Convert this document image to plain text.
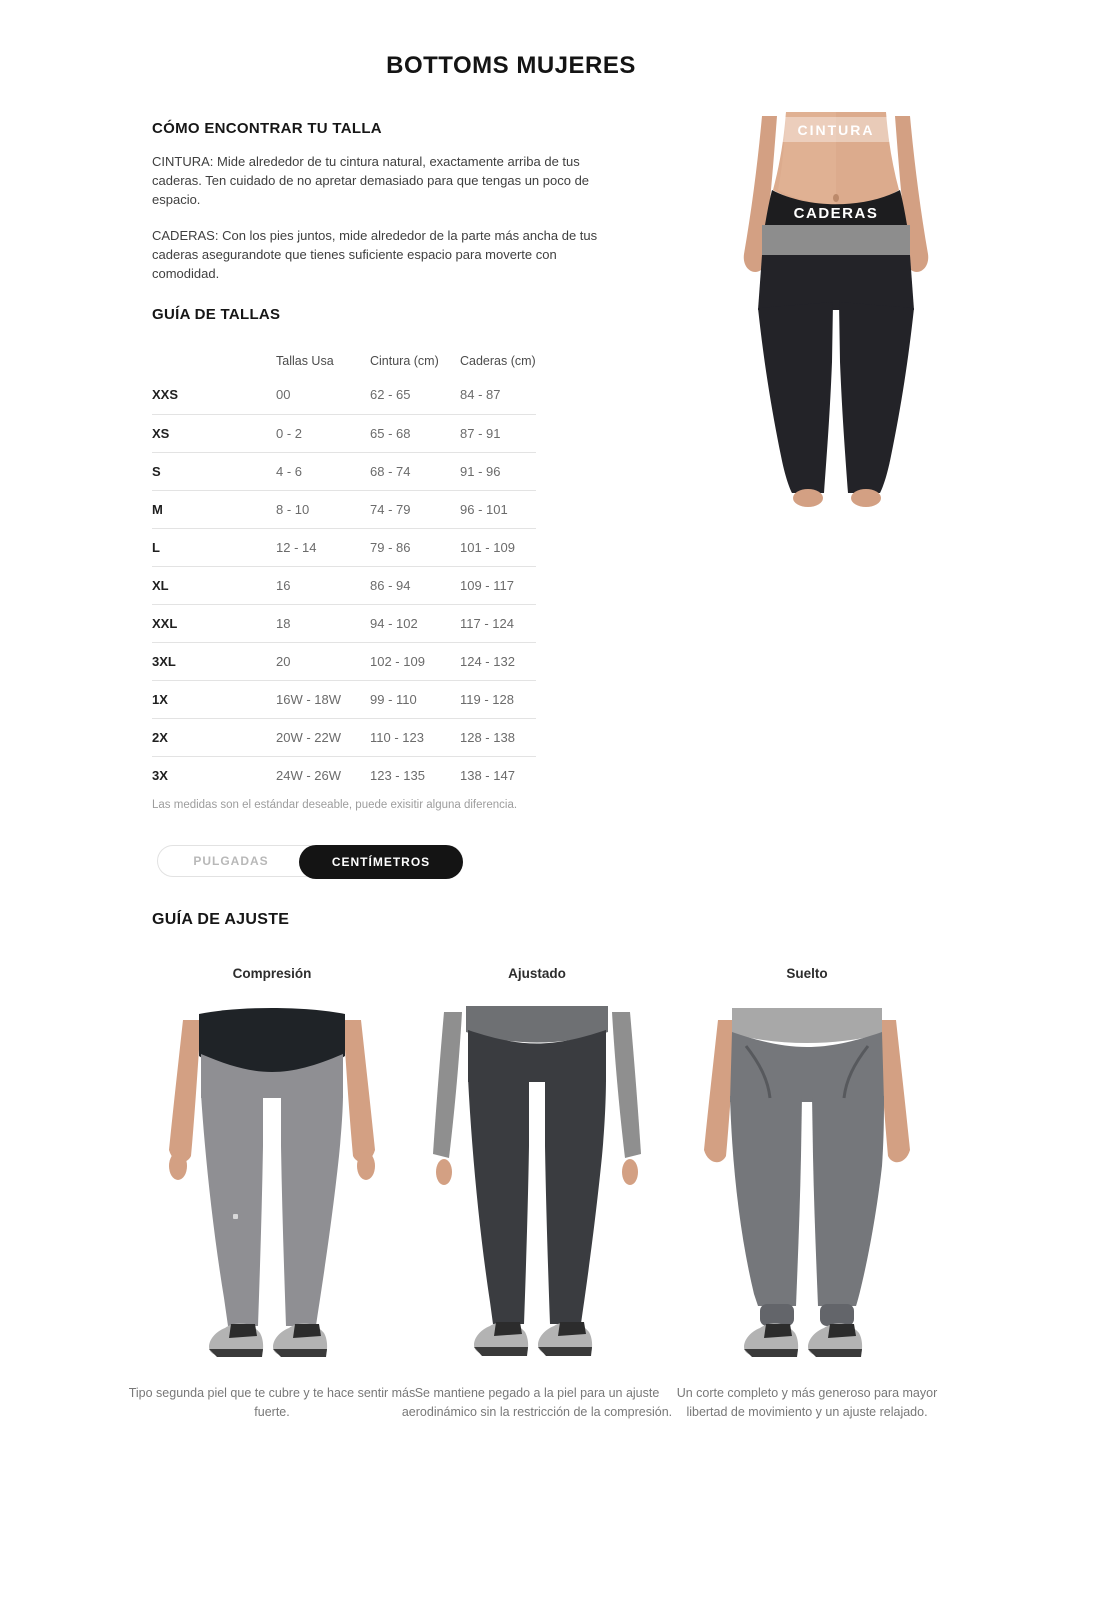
BOTTOMS MUJERES
CÓMO ENCONTRAR TU TALLA

CINTURA: Mide alrededor de tu cintura natural, exactamente arriba de tus caderas. Ten cuidado de no apretar demasiado para que tengas un poco de espacio.

CADERAS: Con los pies juntos, mide alrededor de la parte más ancha de tus caderas asegurandote que tienes suficiente espacio para moverte con comodidad.

CINTURA
CADERAS
GUÍA DE TALLAS
	Tallas Usa	Cintura (cm)	Caderas (cm)
XXS	00	62 - 65	84 - 87
XS	0 - 2	65 - 68	87 - 91
S	4 - 6	68 - 74	91 - 96
M	8 - 10	74 - 79	96 - 101
L	12 - 14	79 - 86	101 - 109
XL	16	86 - 94	109 - 117
XXL	18	94 - 102	117 - 124
3XL	20	102 - 109	124 - 132
1X	16W - 18W	99 - 110	119 - 128
2X	20W - 22W	110 - 123	128 - 138
3X	24W - 26W	123 - 135	138 - 147
Las medidas son el estándar deseable, puede exisitir alguna diferencia.
PULGADAS	CENTÍMETROS
GUÍA DE AJUSTE
Compresión
Tipo segunda piel que te cubre y te hace sentir más fuerte.
Ajustado
Se mantiene pegado a la piel para un ajuste aerodinámico sin la restricción de la compresión.
Suelto
Un corte completo y más generoso para mayor libertad de movimiento y un ajuste relajado.
